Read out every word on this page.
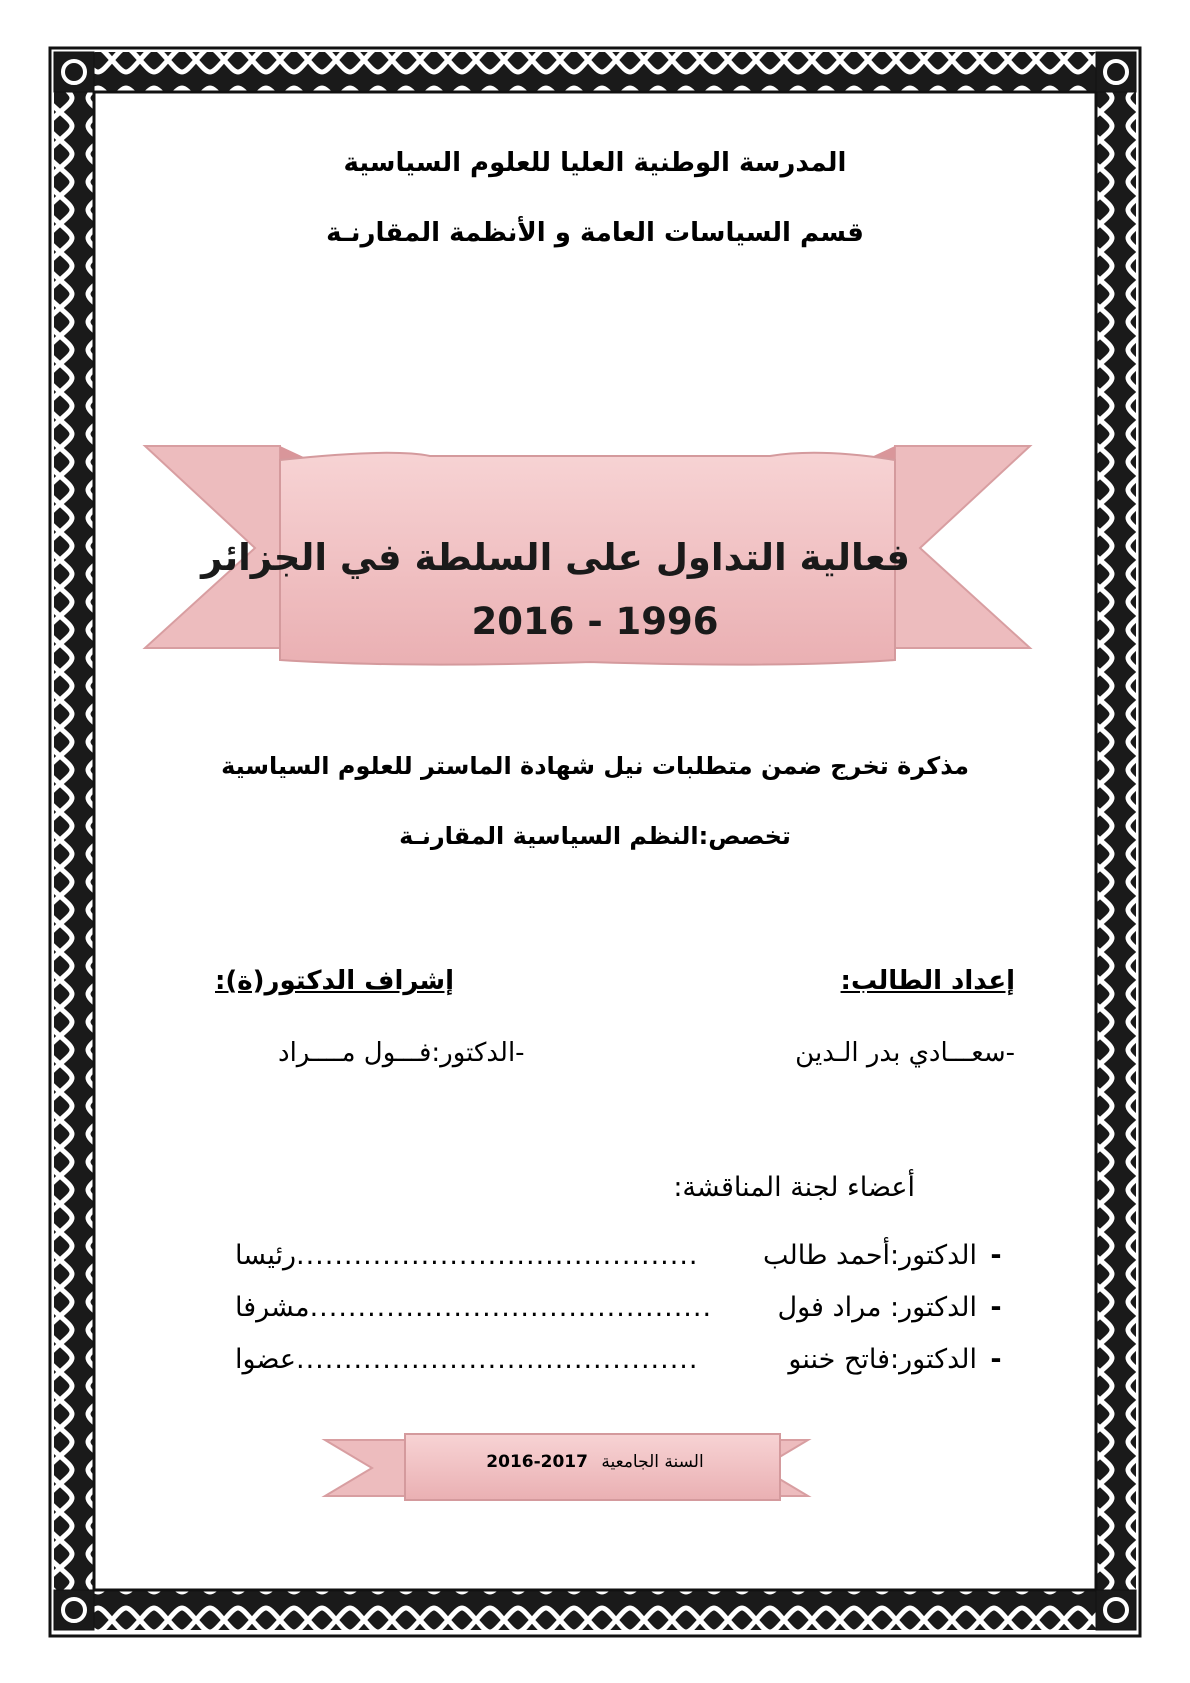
المدرسة الوطنية العليا للعلوم السياسية
قسم السياسات العامة و الأنظمة المقارنـة
فعالية التداول على السلطة في الجزائر
2016 - 1996
مذكرة تخرج ضمن متطلبات نيل شهادة الماستر للعلوم السياسية
تخصص:النظم السياسية المقارنـة
إعداد الطالب:
إشراف الدكتور(ة):
-سعـــادي بدر الـدين
-الدكتور:فـــول مــــراد
أعضاء لجنة المناقشة:
-
الدكتور:أحمد طالب
..........................................
رئيسا
-
الدكتور: مراد فول
..........................................
مشرفا
-
الدكتور:فاتح خننو
..........................................
عضوا
السنة الجامعية 2016-2017
